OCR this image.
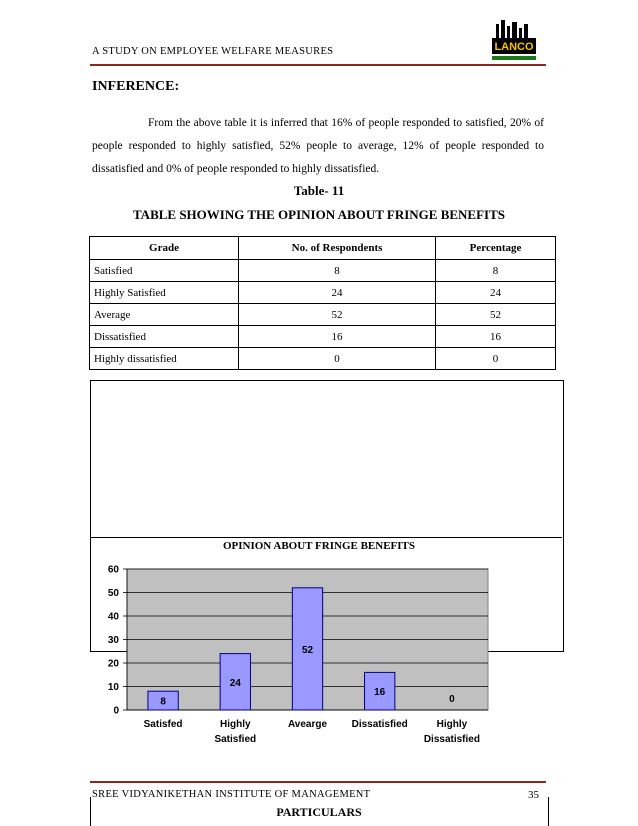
A STUDY ON EMPLOYEE WELFARE MEASURES	LANCO
INFERENCE:
From the above table it is inferred that 16% of people responded to satisfied, 20% of people responded to highly satisfied, 52% people to average, 12% of people responded to dissatisfied and 0% of people responded to highly dissatisfied.
Table- 11
TABLE SHOWING THE OPINION ABOUT FRINGE BENEFITS
Grade	No. of Respondents	Percentage
Satisfied	8	8
Highly Satisfied	24	24
Average	52	52
Dissatisfied	16	16
Highly dissatisfied	0	0
OPINION ABOUT FRINGE BENEFITS
0
10
20
30
40
50
60
8
Satisfed
24
Highly Satisfied
52
Avearge
16
Dissatisfied
0
Highly Dissatisfied
SREE VIDYANIKETHAN INSTITUTE OF MANAGEMENT	35
PARTICULARS
